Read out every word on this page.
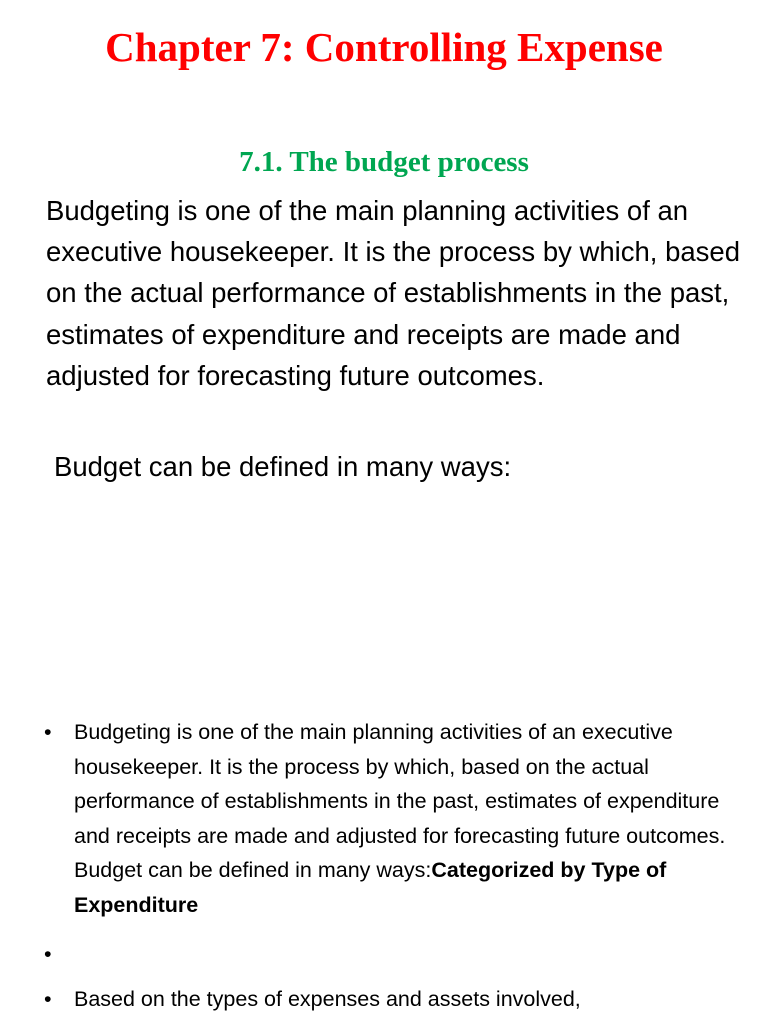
Chapter 7: Controlling Expense
7.1. The budget process

Budgeting is one of the main planning activities of an executive housekeeper. It is the process by which, based on the actual performance of establishments in the past, estimates of expenditure and receipts are made and adjusted for forecasting future outcomes.

Budget can be defined in many ways:

• Budgeting is one of the main planning activities of an executive housekeeper. It is the process by which, based on the actual performance of establishments in the past, estimates of expenditure and receipts are made and adjusted for forecasting future outcomes. Budget can be defined in many ways:Categorized by Type of Expenditure
•
• Based on the types of expenses and assets involved,
